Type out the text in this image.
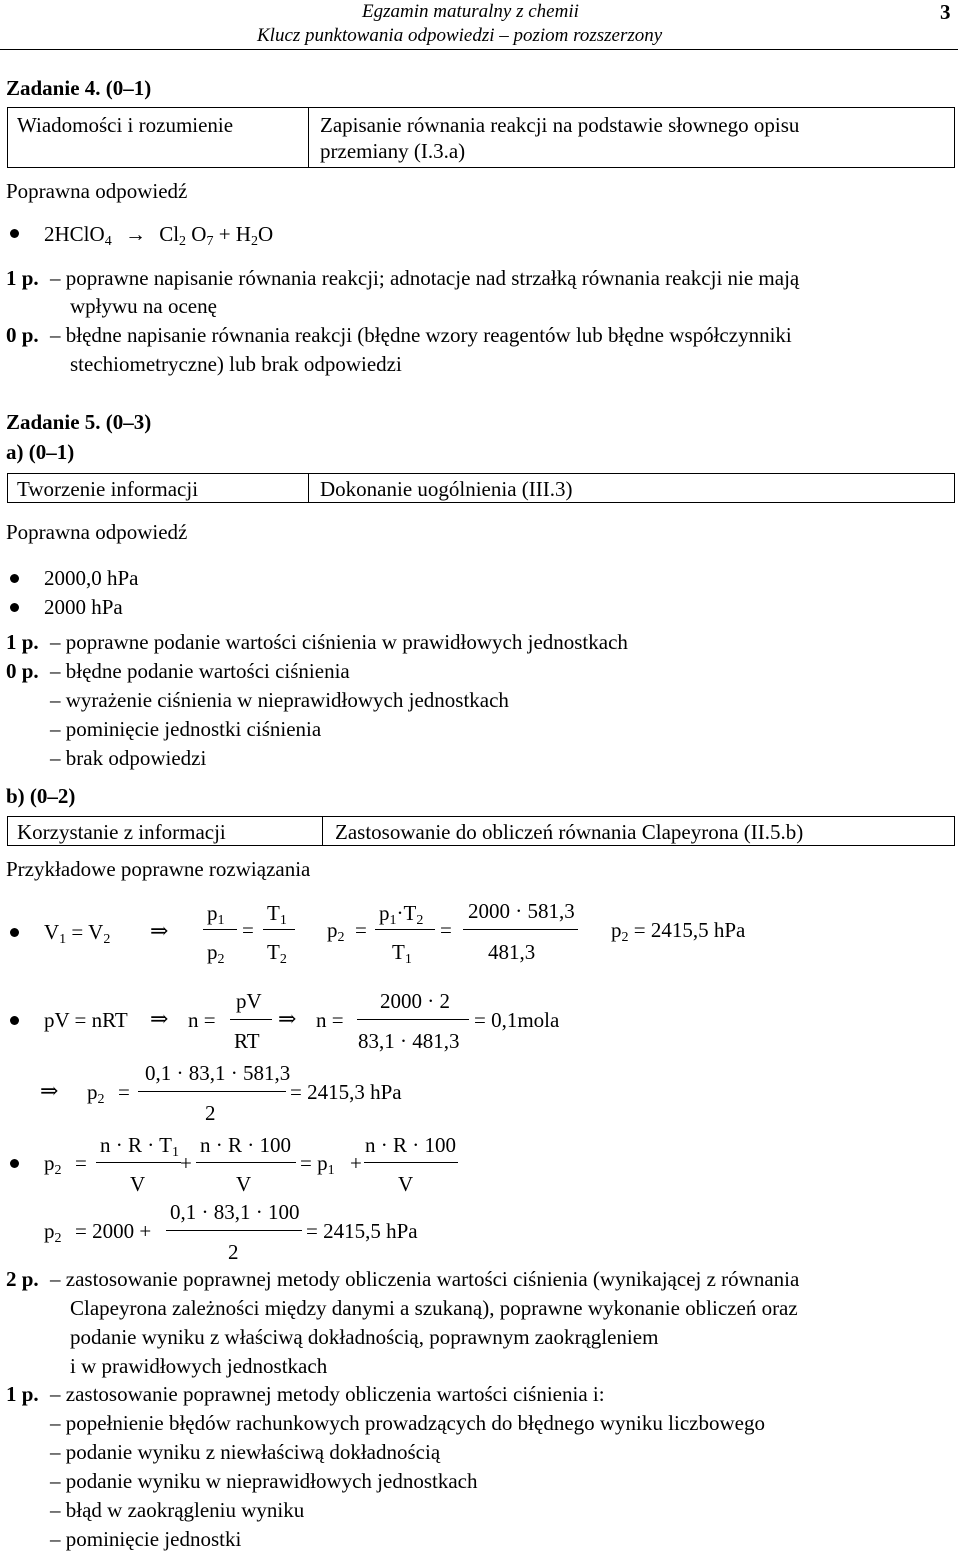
Egzamin maturalny z chemii
Klucz punktowania odpowiedzi – poziom rozszerzony
3
Zadanie 4. (0–1)
Wiadomości i rozumienie	Zapisanie równania reakcji na podstawie słownego opisu
przemiany (I.3.a)
Poprawna odpowiedź
2HClO$_4$ → $Cl_2$ $O_7 + H_2O$
1 p. – poprawne napisanie równania reakcji; adnotacje nad strzałką równania reakcji nie mają
wpływu na ocenę
0 p. – błędne napisanie równania reakcji (błędne wzory reagentów lub błędne współczynniki
stechiometryczne) lub brak odpowiedzi
Zadanie 5. (0–3)
a) (0–1)
Tworzenie informacji	Dokonanie uogólnienia (III.3)
Poprawna odpowiedź
2000,0 hPa
2000 hPa
1 p. – poprawne podanie wartości ciśnienia w prawidłowych jednostkach
0 p. – błędne podanie wartości ciśnienia
– wyrażenie ciśnienia w nieprawidłowych jednostkach
– pominięcie jednostki ciśnienia
– brak odpowiedzi
b) (0–2)
Korzystanie z informacji	Zastosowanie do obliczeń równania Clapeyrona (II.5.b)
Przykładowe poprawne rozwiązania
$V_1 = V_2$ ⇒
$p_1$
$p_2$
=
$T_1$
$T_2$
$p_2$ =
$p_1\cdot T_2$
$T_1$
=
2000 · 581,3
481,3
$p_2 = 2415,5$ hPa
pV = nRT ⇒ n =
pV
RT
⇒ n =
2000 · 2
83,1 · 481,3
= 0,1mola
⇒ $p_2$ =
0,1 · 83,1 · 581,3
2
= 2415,3 hPa
$p_2$ =
$n \cdot R \cdot T_1$
V
+
n · R · 100
V
= $p_1$ +
n · R · 100
V
$p_2 = 2000$ +
0,1 · 83,1 · 100
2
= 2415,5 hPa
2 p. – zastosowanie poprawnej metody obliczenia wartości ciśnienia (wynikającej z równania
Clapeyrona zależności między danymi a szukaną), poprawne wykonanie obliczeń oraz
podanie wyniku z właściwą dokładnością, poprawnym zaokrągleniem
i w prawidłowych jednostkach
1 p. – zastosowanie poprawnej metody obliczenia wartości ciśnienia i:
– popełnienie błędów rachunkowych prowadzących do błędnego wyniku liczbowego
– podanie wyniku z niewłaściwą dokładnością
– podanie wyniku w nieprawidłowych jednostkach
– błąd w zaokrągleniu wyniku
– pominięcie jednostki
